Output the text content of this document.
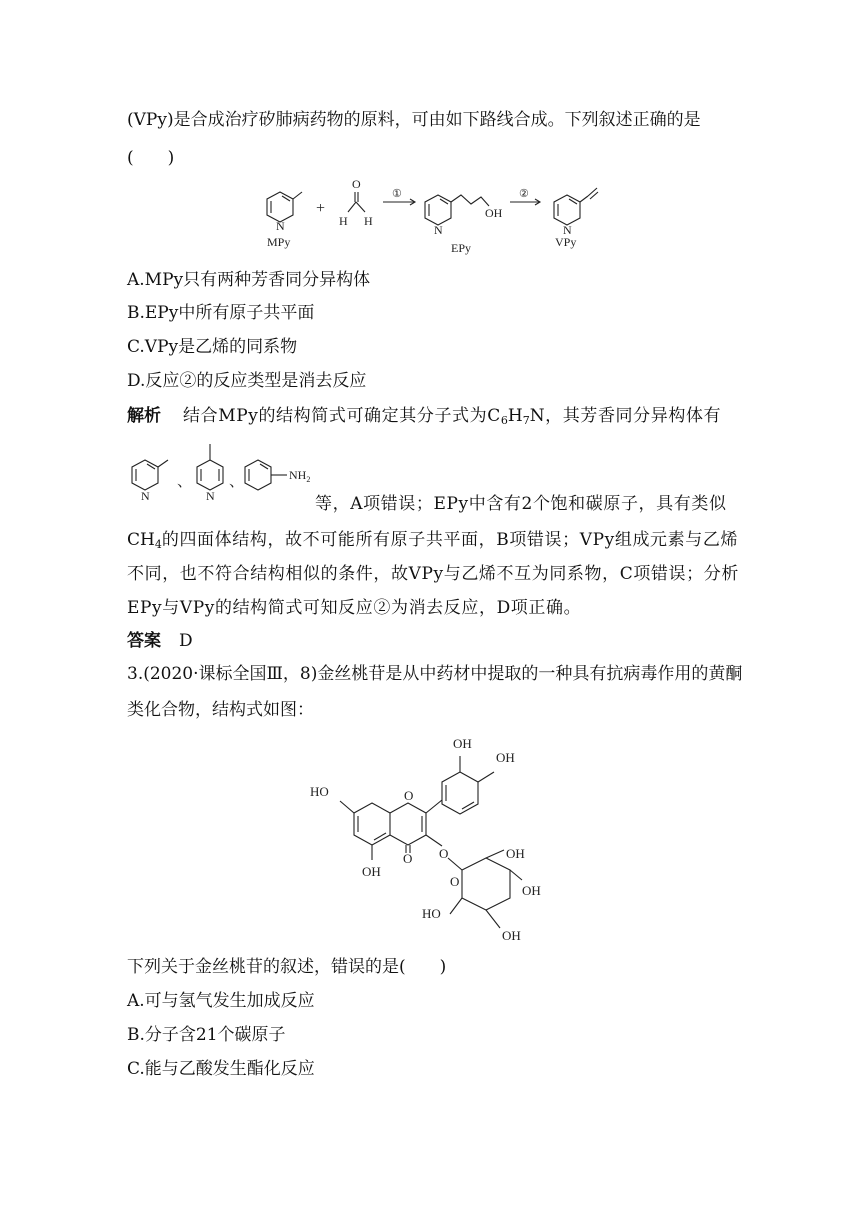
(VPy)是合成治疗矽肺病药物的原料，可由如下路线合成。下列叙述正确的是
(　　)
N
MPy
+
O
H H
①
N
OH
EPy
②
N
VPy
A.MPy只有两种芳香同分异构体
B.EPy中所有原子共平面
C.VPy是乙烯的同系物
D.反应②的反应类型是消去反应
解析 结合MPy的结构简式可确定其分子式为$C_6H_7N$，其芳香同分异构体有
N
、
N
、	$NH_2$
等，A项错误；EPy中含有2个饱和碳原子，具有类似
$CH_4$的四面体结构，故不可能所有原子共平面，B项错误；VPy组成元素与乙烯
不同，也不符合结构相似的条件，故VPy与乙烯不互为同系物，C项错误；分析
EPy与VPy的结构简式可知反应②为消去反应，D项正确。
答案 D
3.(2020·课标全国Ⅲ，8)金丝桃苷是从中药材中提取的一种具有抗病毒作用的黄酮
类化合物，结构式如图：
HO	O
OH
O
OH
OH
O
O
OH
OH
OH
HO
下列关于金丝桃苷的叙述，错误的是(　　)
A.可与氢气发生加成反应
B.分子含21个碳原子
C.能与乙酸发生酯化反应
